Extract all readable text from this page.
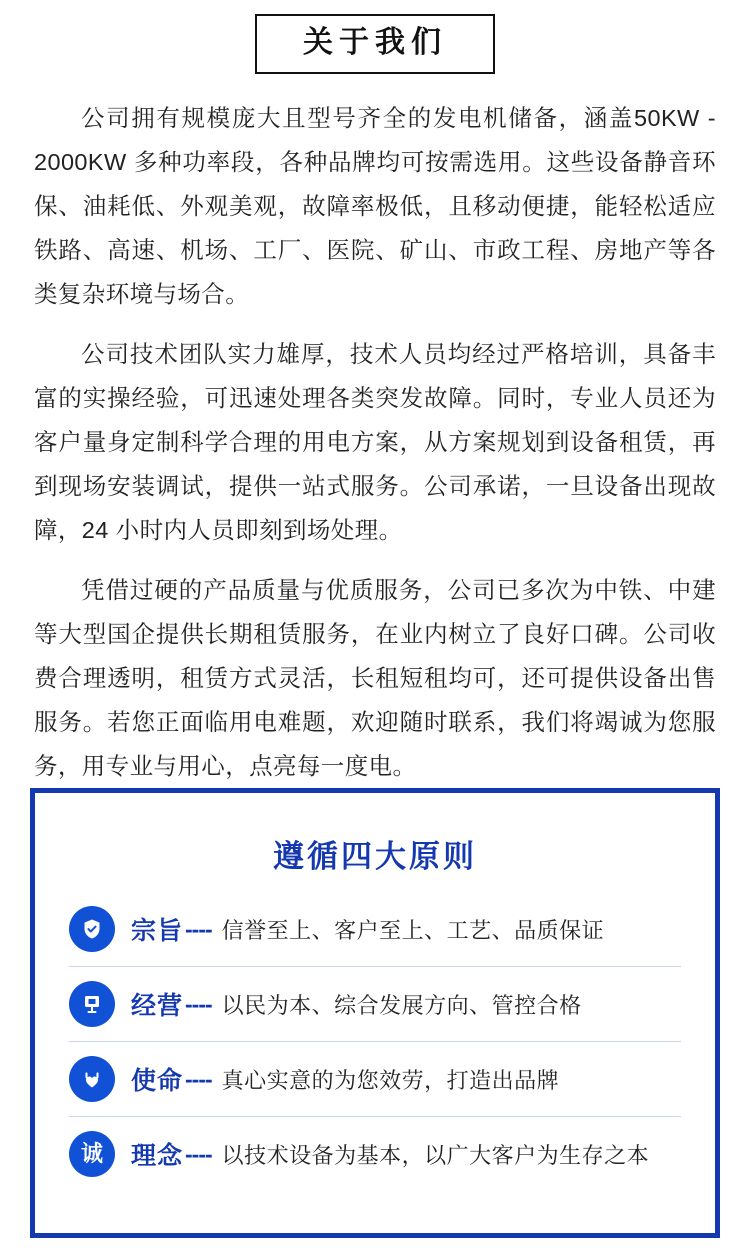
关于我们

公司拥有规模庞大且型号齐全的发电机储备，涵盖50KW - 2000KW 多种功率段，各种品牌均可按需选用。这些设备静音环保、油耗低、外观美观，故障率极低，且移动便捷，能轻松适应铁路、高速、机场、工厂、医院、矿山、市政工程、房地产等各类复杂环境与场合。

公司技术团队实力雄厚，技术人员均经过严格培训，具备丰富的实操经验，可迅速处理各类突发故障。同时，专业人员还为客户量身定制科学合理的用电方案，从方案规划到设备租赁，再到现场安装调试，提供一站式服务。公司承诺，一旦设备出现故障，24 小时内人员即刻到场处理。

凭借过硬的产品质量与优质服务，公司已多次为中铁、中建等大型国企提供长期租赁服务，在业内树立了良好口碑。公司收费合理透明，租赁方式灵活，长租短租均可，还可提供设备出售服务。若您正面临用电难题，欢迎随时联系，我们将竭诚为您服务，用专业与用心，点亮每一度电。

遵循四大原则
宗旨 ---- 信誉至上、客户至上、工艺、品质保证
经营 ---- 以民为本、综合发展方向、管控合格
使命 ---- 真心实意的为您效劳，打造出品牌
诚 理念 ---- 以技术设备为基本，以广大客户为生存之本
